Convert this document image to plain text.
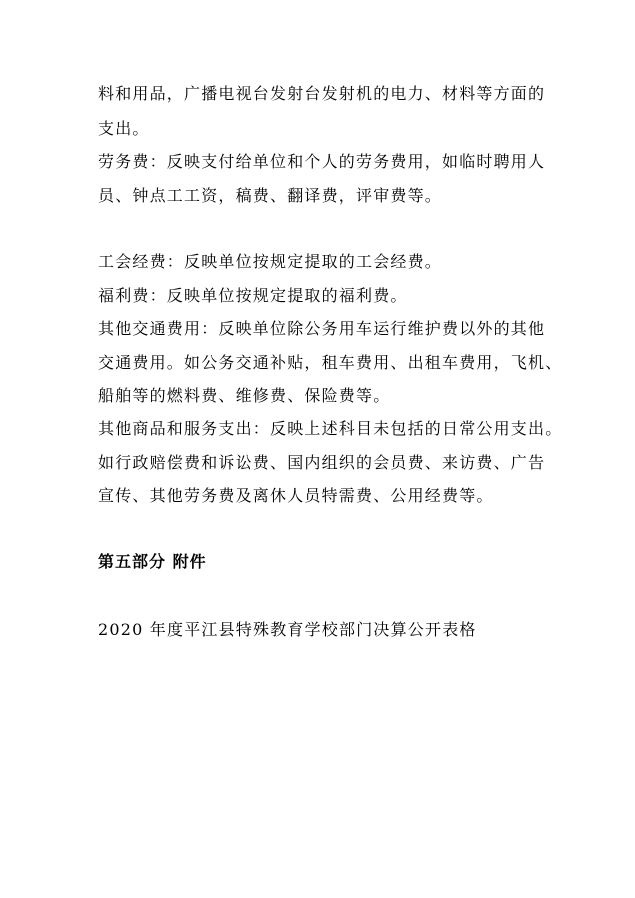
料和用品，广播电视台发射台发射机的电力、材料等方面的
支出。
劳务费：反映支付给单位和个人的劳务费用，如临时聘用人
员、钟点工工资，稿费、翻译费，评审费等。
工会经费：反映单位按规定提取的工会经费。
福利费：反映单位按规定提取的福利费。
其他交通费用：反映单位除公务用车运行维护费以外的其他
交通费用。如公务交通补贴，租车费用、出租车费用，飞机、
船舶等的燃料费、维修费、保险费等。
其他商品和服务支出：反映上述科目未包括的日常公用支出。
如行政赔偿费和诉讼费、国内组织的会员费、来访费、广告
宣传、其他劳务费及离休人员特需费、公用经费等。
第五部分 附件
2020 年度平江县特殊教育学校部门决算公开表格
